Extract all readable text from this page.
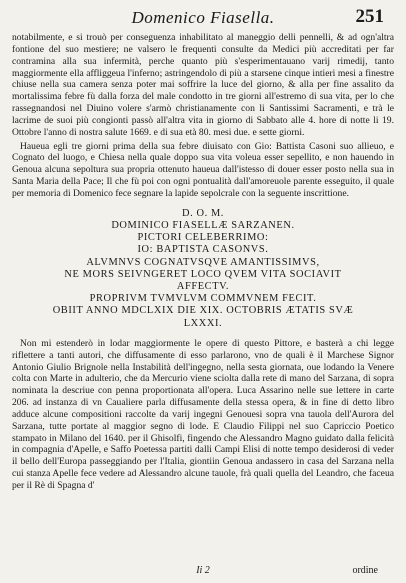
Domenico Fiasella.	251

notabilmente, e si trouò per conseguenza inhabilitato al maneggio delli pennelli, & ad ogn'altra fontione del suo mestiere; ne valsero le frequenti consulte da Medici più accreditati per far contramina alla sua infermità, perche quanto più s'esperimentauano varij rimedij, tanto maggiormente ella affliggeua l'inferno; astringendolo di più a starsene cinque intieri mesi a finestre chiuse nella sua camera senza poter mai soffrire la luce del giorno, & alla per fine assalito da mortalissima febre fù dalla forza del male condotto in tre giorni all'estremo di sua vita, per lo che rassegnandosi nel Diuino volere s'armò christianamente con li Santissimi Sacramenti, e trà le lacrime de suoi più congionti passò all'altra vita in giorno di Sabbato alle 4. hore di notte li 19. Ottobre l'anno di nostra salute 1669. e di sua età 80. mesi due. e sette giorni.

Haueua egli tre giorni prima della sua febre diuisato con Gio: Battista Casoni suo allieuo, e Cognato del luogo, e Chiesa nella quale doppo sua vita voleua esser sepellito, e non hauendo in Genoua alcuna sepoltura sua propria ottenuto haueua dall'istesso di douer esser posto nella sua in Santa Maria della Pace; Il che fù poi con ogni pontualità dall'amoreuole parente esseguito, il quale per memoria di Domenico fece segnare la lapide sepolcrale con la seguente inscrittione.

D. O. M.
DOMINICO FIASELLÆ SARZANEN.
PICTORI CELEBERRIMO:
IO: BAPTISTA CASONVS.
ALVMNVS COGNATVSQVE AMANTISSIMVS,
NE MORS SEIVNGERET LOCO QVEM VITA SOCIAVIT
AFFECTV.
PROPRIVM TVMVLVM COMMVNEM FECIT.
OBIIT ANNO MDCLXIX DIE XIX. OCTOBRIS ÆTATIS SVÆ
LXXXI.

Non mi estenderò in lodar maggiormente le opere di questo Pittore, e basterà a chi legge riflettere a tanti autori, che diffusamente di esso parlarono, vno de quali è il Marchese Signor Antonio Giulio Brignole nella Instabilità dell'ingegno, nella sesta giornata, oue lodando la Venere colta con Marte in adulterio, che da Mercurio viene sciolta dalla rete di mano del Sarzana, di sopra nominata la descriue con penna proportionata all'opera. Luca Assarino nelle sue lettere in carte 206. ad instanza di vn Caualiere parla diffusamente della stessa opera, & in fine di detto libro adduce alcune compositioni raccolte da varij ingegni Genouesi sopra vna tauola dell'Aurora del Sarzana, tutte portate al maggior segno di lode. E Claudio Filippi nel suo Capriccio Poetico stampato in Milano del 1640. per il Ghisolfi, fingendo che Alessandro Magno guidato dalla felicità in compagnia d'Apelle, e Saffo Poetessa partiti dalli Campi Elisi di notte tempo desiderosi di veder il bello dell'Europa passeggiando per l'Italia, giontiin Genoua andassero in casa del Sarzana nella cui stanza Apelle fece vedere ad Alessandro alcune tauole, frà quali quella del Leandro, che faceua per il Rè di Spagna d'

Ii 2	ordine
